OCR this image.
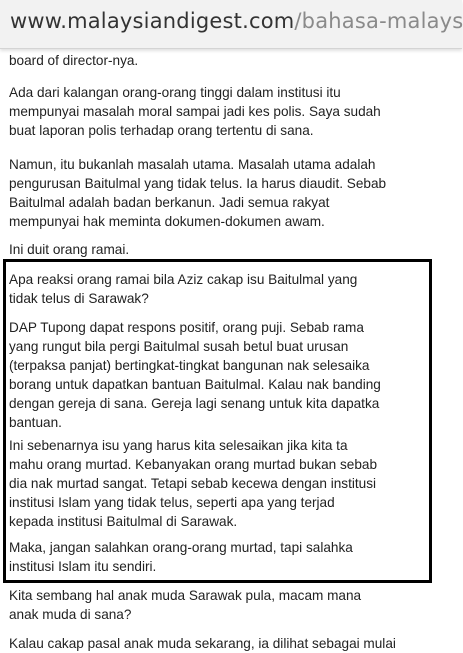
board of director-nya.

Ada dari kalangan orang-orang tinggi dalam institusi itu
mempunyai masalah moral sampai jadi kes polis. Saya sudah
buat laporan polis terhadap orang tertentu di sana.

Namun, itu bukanlah masalah utama. Masalah utama adalah
pengurusan Baitulmal yang tidak telus. Ia harus diaudit. Sebab
Baitulmal adalah badan berkanun. Jadi semua rakyat
mempunyai hak meminta dokumen-dokumen awam.

Ini duit orang ramai.

Apa reaksi orang ramai bila Aziz cakap isu Baitulmal yang
tidak telus di Sarawak?

DAP Tupong dapat respons positif, orang puji. Sebab rama
yang rungut bila pergi Baitulmal susah betul buat urusan
(terpaksa panjat) bertingkat-tingkat bangunan nak selesaika
borang untuk dapatkan bantuan Baitulmal. Kalau nak banding
dengan gereja di sana. Gereja lagi senang untuk kita dapatka
bantuan.

Ini sebenarnya isu yang harus kita selesaikan jika kita ta
mahu orang murtad. Kebanyakan orang murtad bukan sebab
dia nak murtad sangat. Tetapi sebab kecewa dengan institusi
institusi Islam yang tidak telus, seperti apa yang terjad
kepada institusi Baitulmal di Sarawak.

Maka, jangan salahkan orang-orang murtad, tapi salahka
institusi Islam itu sendiri.

Kita sembang hal anak muda Sarawak pula, macam mana
anak muda di sana?

Kalau cakap pasal anak muda sekarang, ia dilihat sebagai mulai

www.malaysiandigest.com/bahasa-malays
